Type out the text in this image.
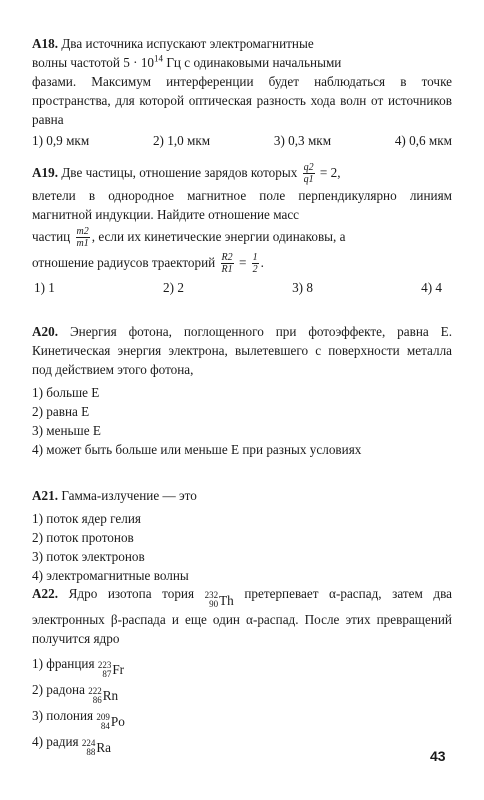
А18. Два источника испускают электромагнитные

волны частотой $5 \cdot 10^{14}$ Гц с одинаковыми начальными

фазами. Максимум интерференции будет наблюдаться в точке пространства, для которой оптическая разность хода волн от источников равна

1) 0,9 мкм	2) 1,0 мкм	3) 0,3 мкм	4) 0,6 мкм

А19. Две частицы, отношение зарядов которых $\frac{q2}{q1} = 2$,

влетели в однородное магнитное поле перпендикулярно линиям магнитной индукции. Найдите отношение масс

частиц $\frac{m2}{m1}$ , если их кинетические энергии одинаковы, а

отношение радиусов траекторий $\frac{R2}{R1} = \frac{1}{2}$ .

1) 1	2) 2	3) 8	4) 4

А20. Энергия фотона, поглощенного при фотоэффекте, равна E. Кинетическая энергия электрона, вылетевшего с поверхности металла под действием этого фотона,

1) больше E
2) равна E
3) меньше E
4) может быть больше или меньше E при разных условиях

А21. Гамма-излучение — это

1) поток ядер гелия
2) поток протонов
3) поток электронов
4) электромагнитные волны

А22. Ядро изотопа тория 232
90 Th претерпевает α-распад, затем два электронных β-распада и еще один α-распад. После этих превращений получится ядро

1) франция 223
87 Fr
2) радона 222
86 Rn
3) полония 209
84 Po
4) радия 224
88 Ra
43
